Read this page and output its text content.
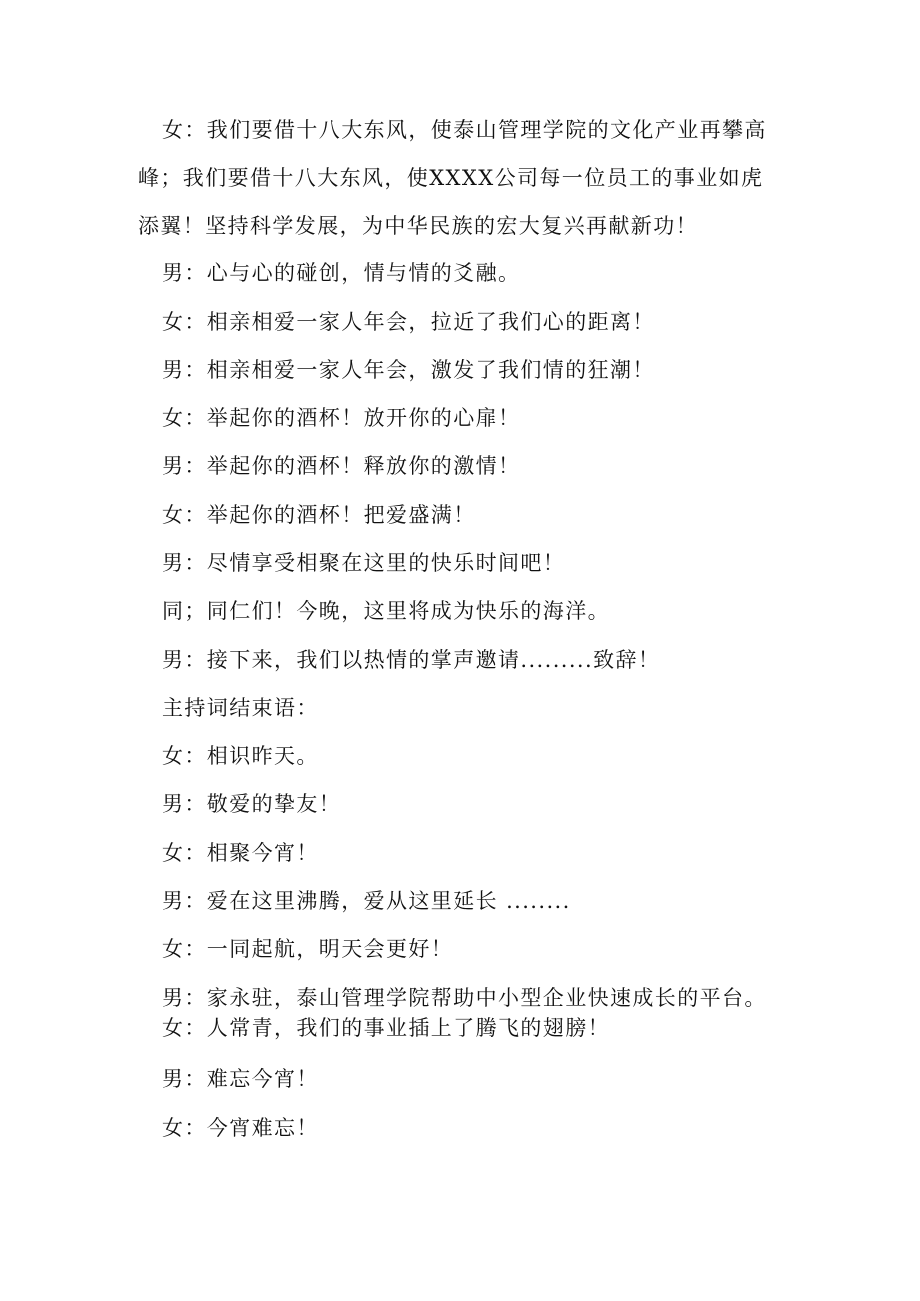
女：我们要借十八大东风，使泰山管理学院的文化产业再攀高峰；我们要借十八大东风，使XXXX公司每一位员工的事业如虎添翼！坚持科学发展，为中华民族的宏大复兴再献新功！

男：心与心的碰创，情与情的爻融。

女：相亲相爱一家人年会，拉近了我们心的距离！

男：相亲相爱一家人年会，激发了我们情的狂潮！

女：举起你的酒杯！放开你的心扉！

男：举起你的酒杯！释放你的激情！

女：举起你的酒杯！把爱盛满！

男：尽情享受相聚在这里的快乐时间吧！

同；同仁们！今晚，这里将成为快乐的海洋。

男：接下来，我们以热情的掌声邀请.........致辞！

主持词结束语：

女：相识昨天。

男：敬爱的挚友！

女：相聚今宵！

男：爱在这里沸腾，爱从这里延长 ........

女：一同起航，明天会更好！

男：家永驻，泰山管理学院帮助中小型企业快速成长的平台。

女：人常青，我们的事业插上了腾飞的翅膀！

男：难忘今宵！

女：今宵难忘！
